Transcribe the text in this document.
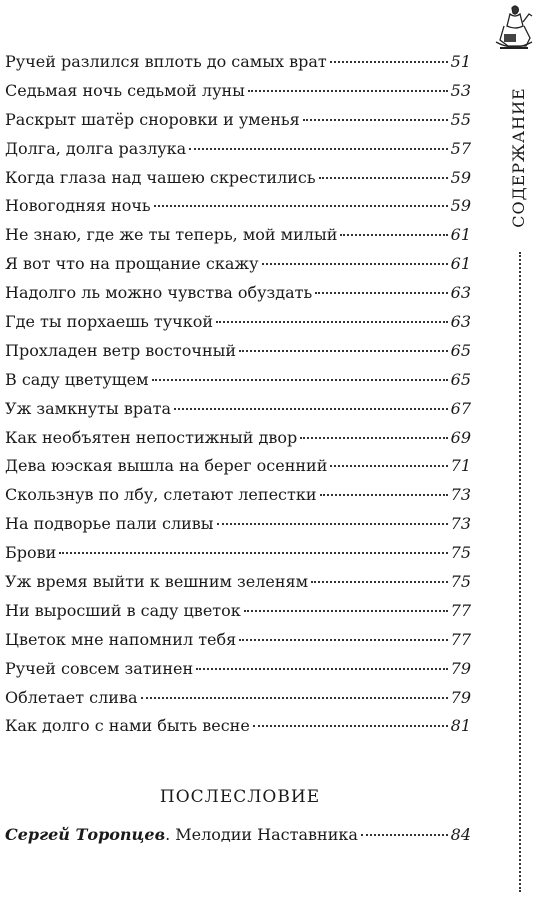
СОДЕРЖАНИЕ
Ручей разлился вплоть до самых врат	51
Седьмая ночь седьмой луны	53
Раскрыт шатёр сноровки и уменья	55
Долга, долга разлука	57
Когда глаза над чашею скрестились	59
Новогодняя ночь	59
Не знаю, где же ты теперь, мой милый	61
Я вот что на прощание скажу	61
Надолго ль можно чувства обуздать	63
Где ты порхаешь тучкой	63
Прохладен ветр восточный	65
В саду цветущем	65
Уж замкнуты врата	67
Как необъятен непостижный двор	69
Дева юэская вышла на берег осенний	71
Скользнув по лбу, слетают лепестки	73
На подворье пали сливы	73
Брови	75
Уж время выйти к вешним зеленям	75
Ни выросший в саду цветок	77
Цветок мне напомнил тебя	77
Ручей совсем затинен	79
Облетает слива	79
Как долго с нами быть весне	81
ПОСЛЕСЛОВИЕ
Сергей Торопцев. Мелодии Наставника	84
